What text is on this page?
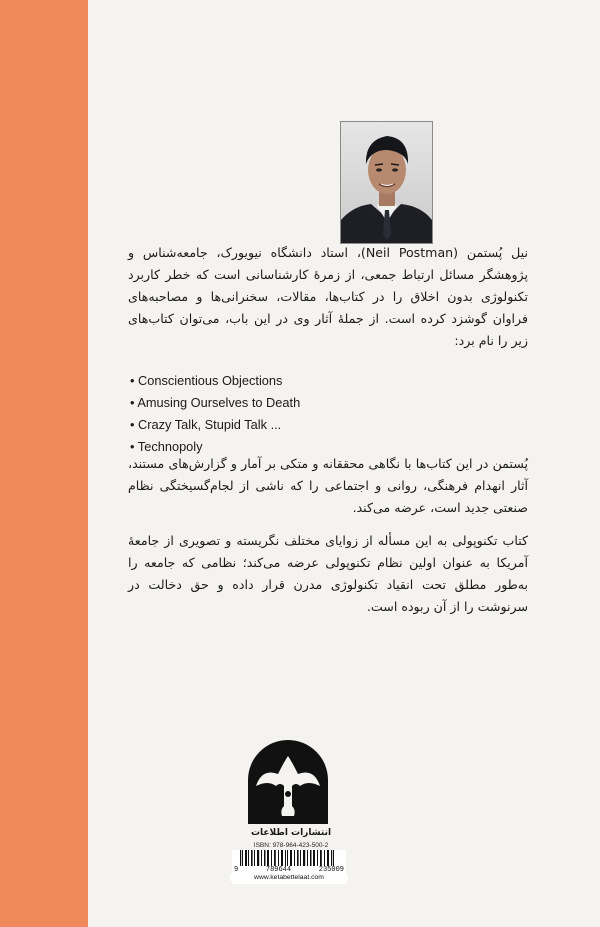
نیل پُستمن (Neil Postman)، استاد دانشگاه نیویورک، جامعه‌شناس و پژوهشگر مسائل ارتباط جمعی، از زمرهٔ کارشناسانی است که خطر کاربرد تکنولوژی بدون اخلاق را در کتاب‌ها، مقالات، سخنرانی‌ها و مصاحبه‌های فراوان گوشزد کرده است. از جملهٔ آثار وی در این باب، می‌توان کتاب‌های زیر را نام برد:
• Conscientious Objections
• Amusing Ourselves to Death
• Crazy Talk, Stupid Talk ...
• Technopoly
پُستمن در این کتاب‌ها با نگاهی محققانه و متکی بر آمار و گزارش‌های مستند، آثار انهدام فرهنگی، روانی و اجتماعی را که ناشی از لجام‌گسیختگی نظام صنعتی جدید است، عرضه می‌کند.
کتاب تکنوپولی به این مسأله از زوایای مختلف نگریسته و تصویری از جامعهٔ آمریکا به عنوان اولین نظام تکنوپولی عرضه می‌کند؛ نظامی که جامعه را به‌طور مطلق تحت انقیاد تکنولوژی مدرن قرار داده و حق دخالت در سرنوشت را از آن ربوده است.
انتشارات اطلاعات
ISBN: 978-964-423-500-2
9	789644	235009
www.ketabettelaat.com
